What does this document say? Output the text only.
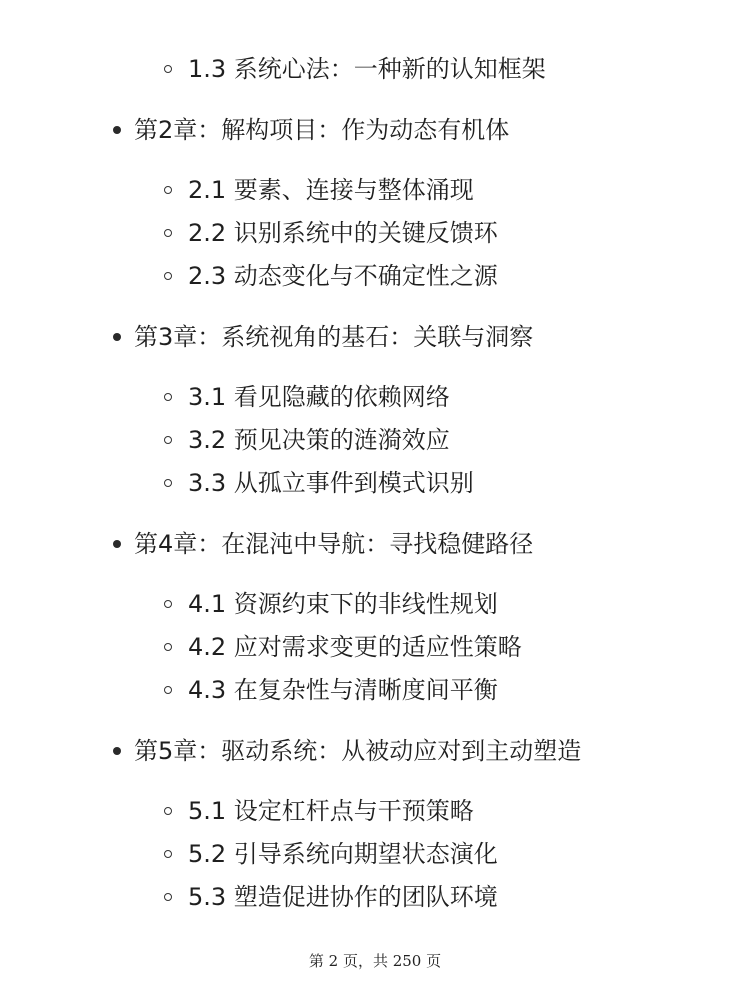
1.3 系统心法：一种新的认知框架
第2章：解构项目：作为动态有机体
2.1 要素、连接与整体涌现
2.2 识别系统中的关键反馈环
2.3 动态变化与不确定性之源
第3章：系统视角的基石：关联与洞察
3.1 看见隐藏的依赖网络
3.2 预见决策的涟漪效应
3.3 从孤立事件到模式识别
第4章：在混沌中导航：寻找稳健路径
4.1 资源约束下的非线性规划
4.2 应对需求变更的适应性策略
4.3 在复杂性与清晰度间平衡
第5章：驱动系统：从被动应对到主动塑造
5.1 设定杠杆点与干预策略
5.2 引导系统向期望状态演化
5.3 塑造促进协作的团队环境
第 2 页，共 250 页
